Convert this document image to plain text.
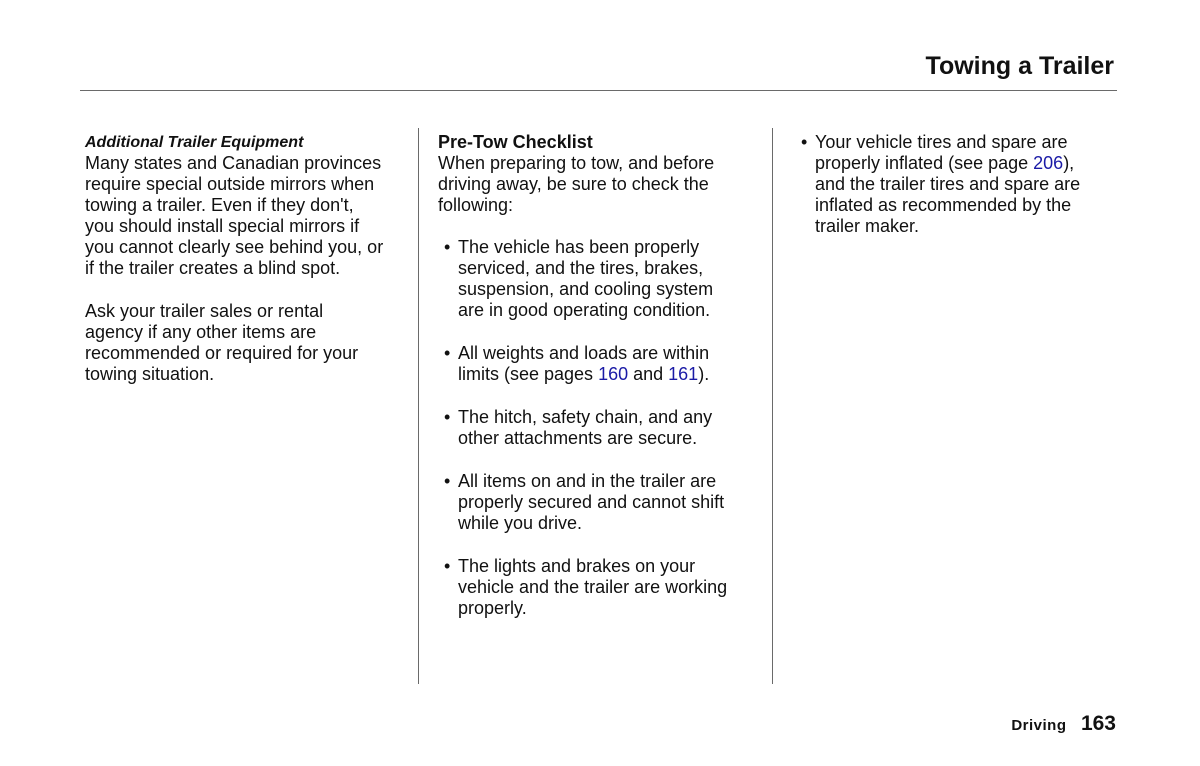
Towing a Trailer
Additional Trailer Equipment

Many states and Canadian provinces
require special outside mirrors when
towing a trailer. Even if they don't,
you should install special mirrors if
you cannot clearly see behind you, or
if the trailer creates a blind spot.

Ask your trailer sales or rental
agency if any other items are
recommended or required for your
towing situation.

Pre-Tow Checklist

When preparing to tow, and before
driving away, be sure to check the
following:

• The vehicle has been properly
serviced, and the tires, brakes,
suspension, and cooling system
are in good operating condition.
• All weights and loads are within
limits (see pages 160 and 161).
• The hitch, safety chain, and any
other attachments are secure.
• All items on and in the trailer are
properly secured and cannot shift
while you drive.
• The lights and brakes on your
vehicle and the trailer are working
properly.
• Your vehicle tires and spare are
properly inflated (see page 206),
and the trailer tires and spare are
inflated as recommended by the
trailer maker.
Driving 163
